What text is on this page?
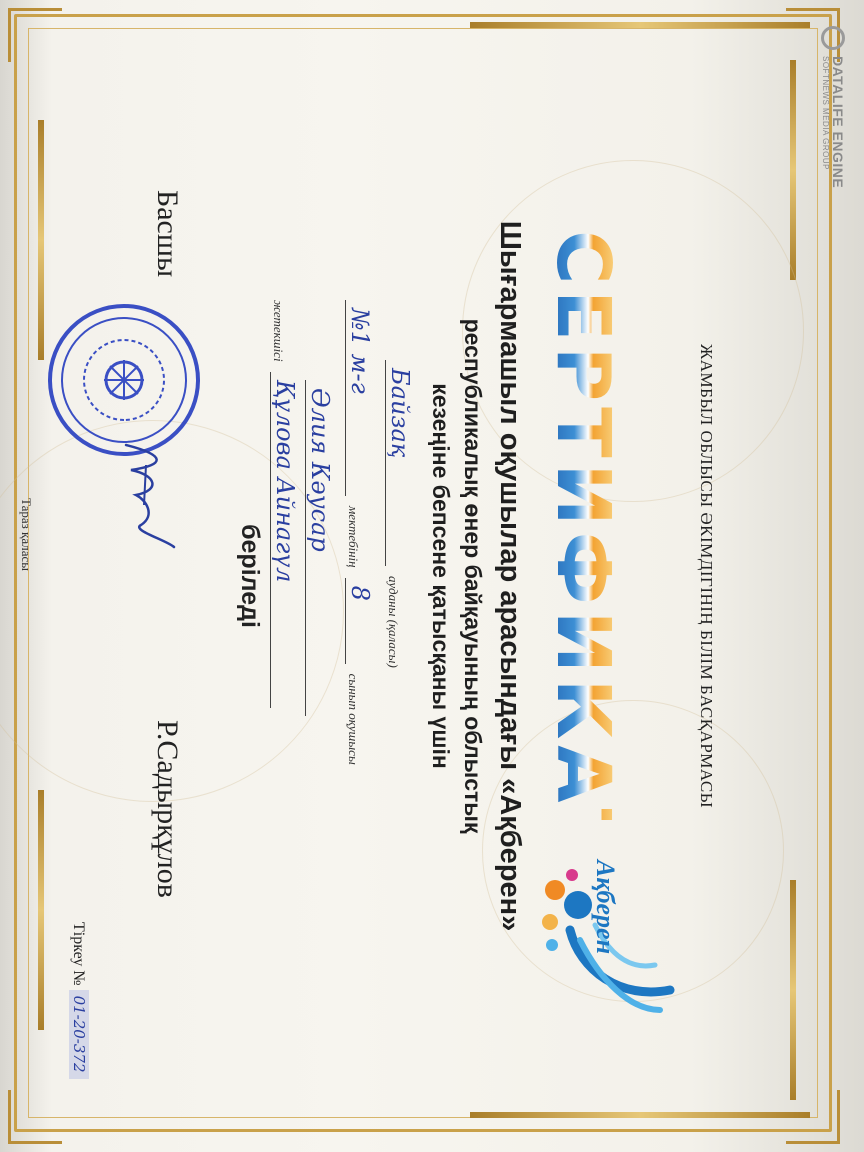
DATALIFE ENGINE
SOFTNEWS MEDIA GROUP
ЖАМБЫЛ ОБЛЫСЫ ӘКІМДІГІНІҢ БІЛІМ БАСҚАРМАСЫ
СЕРТИФИКАТ
Ақберен
Шығармашыл оқушылар арасындағы «Ақберен»
республикалық өнер байқауының облыстық
кезеңіне бепсене қатысқаны үшін
Байзақ
ауданы (қаласы)
№1 м-г
мектебінің
8
сынып оқушысы
Әлия Кәусар
жетекшісі
Құлова Айнагүл
беріледі
Басшы
Р.Садырқұлов
Тіркеу № 01-20-372
Тараз қаласы
